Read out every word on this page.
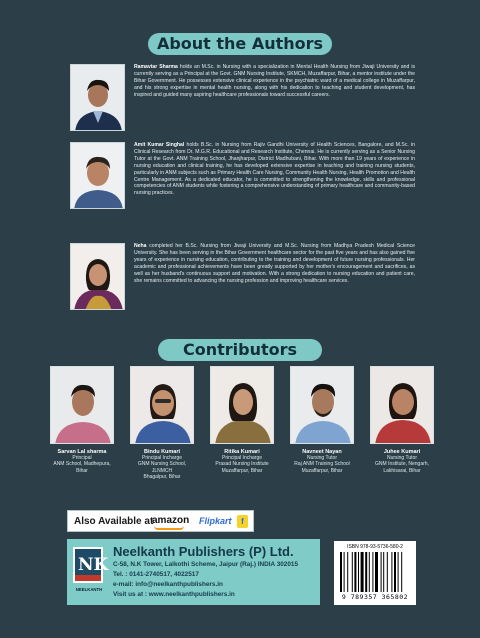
About the Authors
Ramavtar Sharma holds an M.Sc. in Nursing with a specialization in Mental Health Nursing from Jiwaji University and is currently serving as a Principal at the Govt. GNM Nursing Institute, SKMCH, Muzaffarpur, Bihar, a mentor institute under the Bihar Government. He possesses extensive clinical experience in the psychiatric ward of a medical college in Muzaffarpur, and his strong expertise in mental health nursing, along with his dedication to teaching and student development, has inspired and guided many aspiring healthcare professionals toward successful careers.
Amit Kumar Singhal holds B.Sc. in Nursing from Rajiv Gandhi University of Health Sciences, Bangalore, and M.Sc. in Clinical Research from Dr. M.G.R. Educational and Research Institute, Chennai. He is currently serving as a Senior Nursing Tutor at the Govt. ANM Training School, Jhanjharpur, District Madhubani, Bihar. With more than 19 years of experience in nursing education and clinical training, he has developed extensive expertise in teaching and training nursing students, particularly in ANM subjects such as Primary Health Care Nursing, Community Health Nursing, Health Promotion and Health Centre Management. As a dedicated educator, he is committed to strengthening the knowledge, skills and professional competencies of ANM students while fostering a comprehensive understanding of primary healthcare and community-based nursing practices.
Neha completed her B.Sc. Nursing from Jiwaji University and M.Sc. Nursing from Madhya Pradesh Medical Science University. She has been serving in the Bihar Government healthcare sector for the past five years and has also gained five years of experience in nursing education, contributing to the training and development of future nursing professionals. Her academic and professional achievements have been greatly supported by her mother's encouragement and sacrifices, as well as her husband's continuous support and motivation. With a strong dedication to nursing education and patient care, she remains committed to advancing the nursing profession and improving healthcare services.
Contributors
Sarvan Lal sharma
Principal
ANM School, Madhepura,
Bihar
Bindu Kumari
Principal Incharge
GNM Nursing School, JLNMCH
Bhagalpur, Bihar
Ritika Kumari
Principal Incharge
Prasad Nursing Institute
Muzaffarpur, Bihar
Navneet Nayan
Nursing Tutor
Raj ANM Training School
Muzaffarpur, Bihar
Juhee Kumari
Nursing Tutor
GNM Institute, Nengarh,
Lakhisarai, Bihar
Also Available at
amazon Flipkart	f
NK
NEELKANTH
Neelkanth Publishers (P) Ltd.
C-58, N.K Tower, Lalkothi Scheme, Jaipur (Raj.) INDIA 302015
Tel. : 0141-2740517, 4022517
e-mail: info@neelkanthpublishers.in
Visit us at : www.neelkanthpublishers.in
ISBN 978-93-5736-580-2
9 789357 365802
